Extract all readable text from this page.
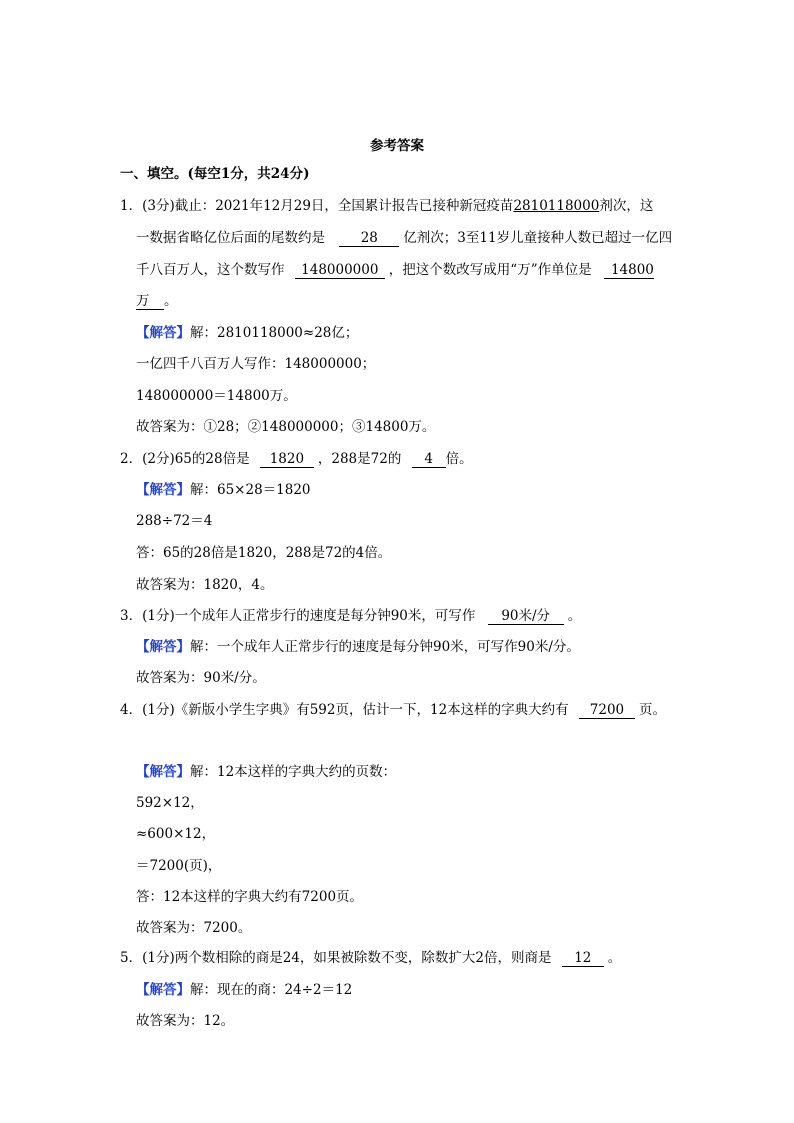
参考答案
一、填空。(每空1分，共24分)
1．(3分)截止：2021年12月29日，全国累计报告已接种新冠疫苗2810118000剂次，这
一数据省略亿位后面的尾数约是	28 亿剂次；3至11岁儿童接种人数已超过一亿四
千八百万人，这个数写作 148000000 ，把这个数改写成用“万”作单位是 14800
万 。
【解答】解：2810118000≈28亿；
一亿四千八百万人写作：148000000；
148000000＝14800万。
故答案为：①28；②148000000；③14800万。
2．(2分)65的28倍是 1820 ，288是72的 4 倍。
【解答】解：65×28＝1820
288÷72＝4
答：65的28倍是1820，288是72的4倍。
故答案为：1820，4。
3．(1分)一个成年人正常步行的速度是每分钟90米，可写作 90米/分 。
【解答】解：一个成年人正常步行的速度是每分钟90米，可写作90米/分。
故答案为：90米/分。
4．(1分)《新版小学生字典》有592页，估计一下，12本这样的字典大约有 7200 页。
【解答】解：12本这样的字典大约的页数：
592×12，
≈600×12，
＝7200(页)，
答：12本这样的字典大约有7200页。
故答案为：7200。
5．(1分)两个数相除的商是24，如果被除数不变，除数扩大2倍，则商是 12 。
【解答】解：现在的商：24÷2＝12
故答案为：12。
